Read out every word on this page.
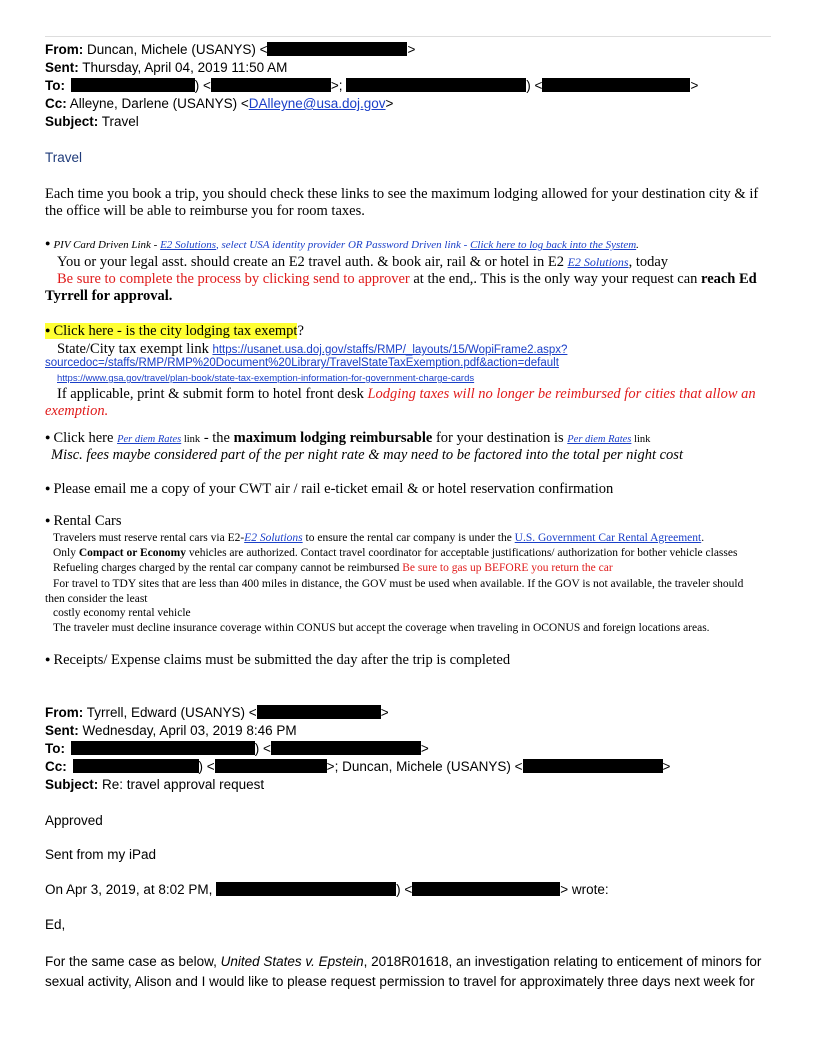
From: Duncan, Michele (USANYS) <	>
Sent: Thursday, April 04, 2019 11:50 AM
To:	) <	>;	) <	>
Cc: Alleyne, Darlene (USANYS) <DAlleyne@usa.doj.gov>
Subject: Travel
Travel
Each time you book a trip, you should check these links to see the maximum lodging allowed for your destination city & if the office will be able to reimburse you for room taxes.
● PIV Card Driven Link - E2 Solutions, select USA identity provider OR Password Driven link - Click here to log back into the System.
You or your legal asst. should create an E2 travel auth. & book air, rail & or hotel in E2 E2 Solutions, today
Be sure to complete the process by clicking send to approver at the end,. This is the only way your request can reach Ed Tyrrell for approval.
● Click here - is the city lodging tax exempt?
State/City tax exempt link https://usanet.usa.doj.gov/staffs/RMP/_layouts/15/WopiFrame2.aspx?
sourcedoc=/staffs/RMP/RMP%20Document%20Library/TravelStateTaxExemption.pdf&action=default
https://www.gsa.gov/travel/plan-book/state-tax-exemption-information-for-government-charge-cards
If applicable, print & submit form to hotel front desk Lodging taxes will no longer be reimbursed for cities that allow an exemption.
● Click here Per diem Rates link - the maximum lodging reimbursable for your destination is Per diem Rates link
Misc. fees maybe considered part of the per night rate & may need to be factored into the total per night cost
● Please email me a copy of your CWT air / rail e-ticket email & or hotel reservation confirmation
● Rental Cars
Travelers must reserve rental cars via E2-E2 Solutions to ensure the rental car company is under the U.S. Government Car Rental Agreement.
Only Compact or Economy vehicles are authorized. Contact travel coordinator for acceptable justifications/ authorization for bother vehicle classes
Refueling charges charged by the rental car company cannot be reimbursed Be sure to gas up BEFORE you return the car
For travel to TDY sites that are less than 400 miles in distance, the GOV must be used when available. If the GOV is not available, the traveler should then consider the least
costly economy rental vehicle
The traveler must decline insurance coverage within CONUS but accept the coverage when traveling in OCONUS and foreign locations areas.
● Receipts/ Expense claims must be submitted the day after the trip is completed
From: Tyrrell, Edward (USANYS) <	>
Sent: Wednesday, April 03, 2019 8:46 PM
To:	) <	>
Cc:	) <	>; Duncan, Michele (USANYS) <	>
Subject: Re: travel approval request
Approved
Sent from my iPad
On Apr 3, 2019, at 8:02 PM,	) <	> wrote:
Ed,
For the same case as below, United States v. Epstein, 2018R01618, an investigation relating to enticement of minors for sexual activity, Alison and I would like to please request permission to travel for approximately three days next week for
